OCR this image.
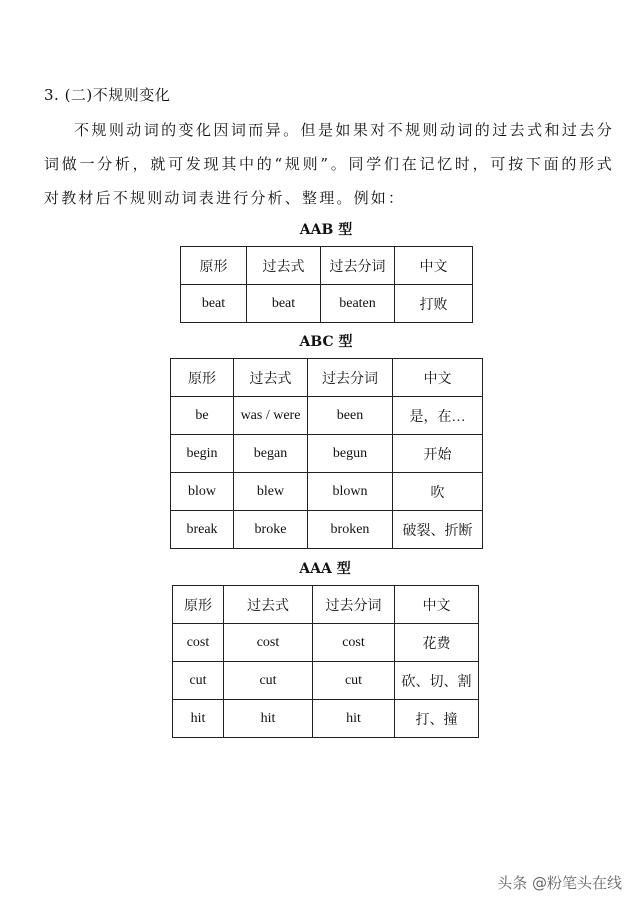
3. (二)不规则变化
不规则动词的变化因词而异。但是如果对不规则动词的过去式和过去分词做一分析，就可发现其中的“规则”。同学们在记忆时，可按下面的形式对教材后不规则动词表进行分析、整理。例如：
AAB 型
原形	过去式	过去分词	中文
beat	beat	beaten	打败
ABC 型
原形	过去式	过去分词	中文
be	was / were	been	是，在…
begin	began	begun	开始
blow	blew	blown	吹
break	broke	broken	破裂、折断
AAA 型
原形	过去式	过去分词	中文
cost	cost	cost	花费
cut	cut	cut	砍、切、割
hit	hit	hit	打、撞
头条 @粉笔头在线
